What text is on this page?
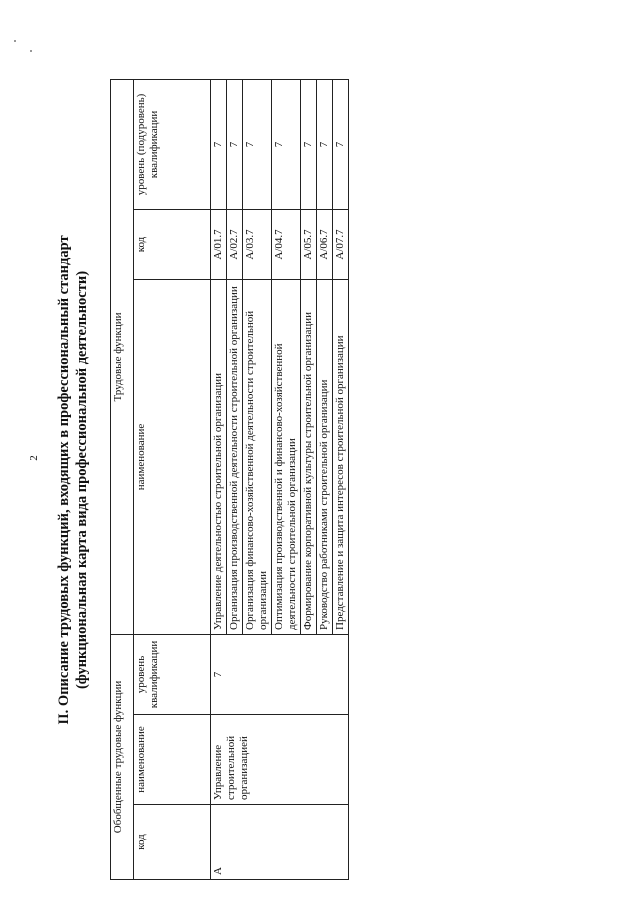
2 II. Описание трудовых функций, входящих в профессиональный стандарт (функциональная карта вида профессиональной деятельности)
Обобщенные трудовые функции			Трудовые функции		
код	наименование	уровень квалификации	наименование	код	уровень (подуровень) квалификации
A	Управление строительной организацией	7	Управление деятельностью строительной организации	A/01.7	7
			Организация производственной деятельности строительной организации	A/02.7	7
			Организация финансово-хозяйственной деятельности строительной организации	A/03.7	7
			Оптимизация производственной и финансово-хозяйственной деятельности строительной организации	A/04.7	7
			Формирование корпоративной культуры строительной организации	A/05.7	7
			Руководство работниками строительной организации	A/06.7	7
			Представление и защита интересов строительной организации	A/07.7	7
